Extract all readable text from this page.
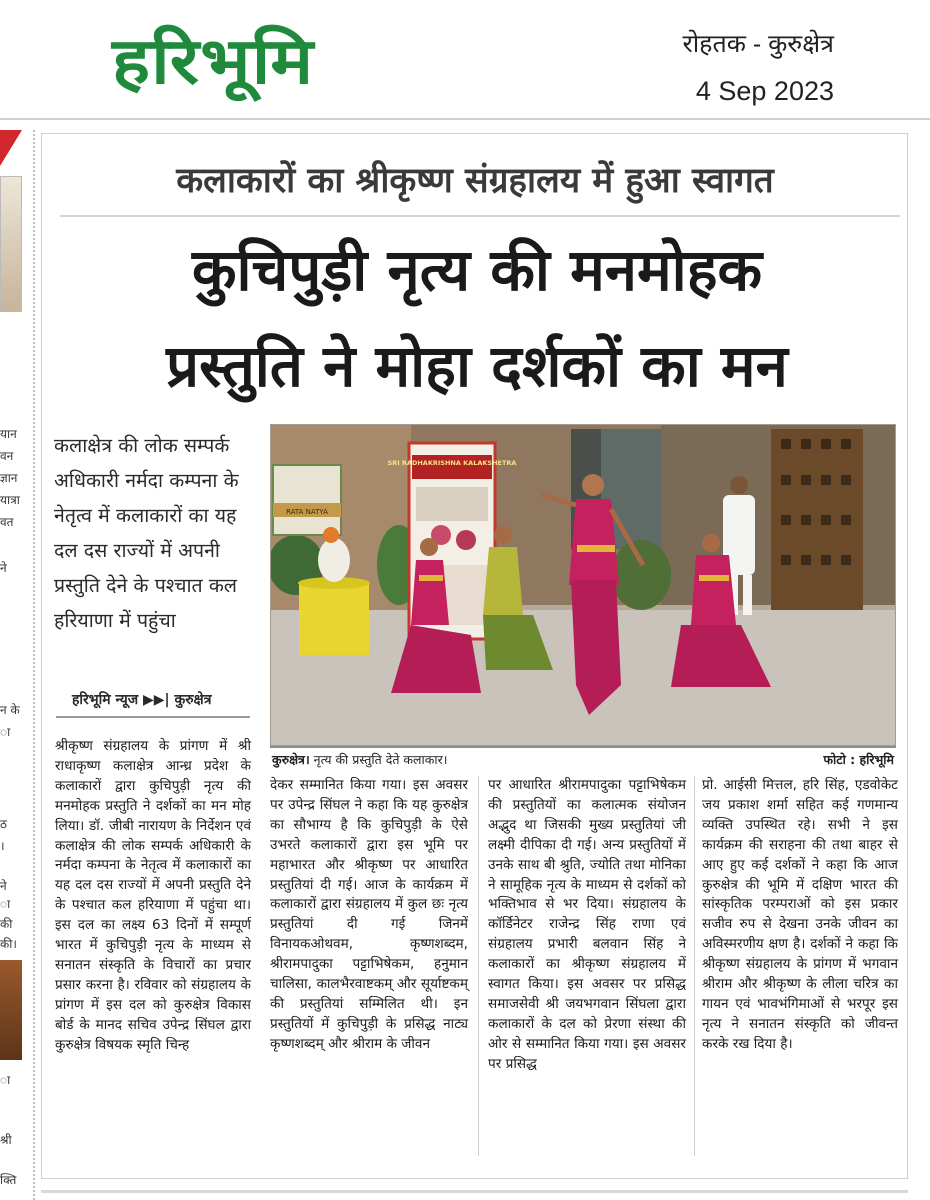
हरिभूमि	रोहतक - कुरुक्षेत्र
4 Sep 2023
यान
वन
ज्ञान
यात्रा
वत
ने
न के
ा
ठ
।
ने
ा
की
की।
ा
श्री
क्ति
कलाकारों का श्रीकृष्ण संग्रहालय में हुआ स्वागत
कुचिपुड़ी नृत्य की मनमोहक
प्रस्तुति ने मोहा दर्शकों का मन
कलाक्षेत्र की लोक सम्पर्क अधिकारी नर्मदा कम्पना के नेतृत्व में कलाकारों का यह दल दस राज्यों में अपनी प्रस्तुति देने के पश्चात कल हरियाणा में पहुंचा
हरिभूमि न्यूज ▶▶| कुरुक्षेत्र
RATA NATYA
SRI RADHAKRISHNA KALAKSHETRA
कुरुक्षेत्र। नृत्य की प्रस्तुति देते कलाकार।	फोटो : हरिभूमि
श्रीकृष्ण संग्रहालय के प्रांगण में श्री राधाकृष्ण कलाक्षेत्र आन्ध्र प्रदेश के कलाकारों द्वारा कुचिपुड़ी नृत्य की मनमोहक प्रस्तुति ने दर्शकों का मन मोह लिया। डॉ. जीबी नारायण के निर्देशन एवं कलाक्षेत्र की लोक सम्पर्क अधिकारी के नर्मदा कम्पना के नेतृत्व में कलाकारों का यह दल दस राज्यों में अपनी प्रस्तुति देने के पश्चात कल हरियाणा में पहुंचा था। इस दल का लक्ष्य 63 दिनों में सम्पूर्ण भारत में कुचिपुड़ी नृत्य के माध्यम से सनातन संस्कृति के विचारों का प्रचार प्रसार करना है। रविवार को संग्रहालय के प्रांगण में इस दल को कुरुक्षेत्र विकास बोर्ड के मानद सचिव उपेन्द्र सिंघल द्वारा कुरुक्षेत्र विषयक स्मृति चिन्ह
देकर सम्मानित किया गया। इस अवसर पर उपेन्द्र सिंघल ने कहा कि यह कुरुक्षेत्र का सौभाग्य है कि कुचिपुड़ी के ऐसे उभरते कलाकारों द्वारा इस भूमि पर महाभारत और श्रीकृष्ण पर आधारित प्रस्तुतियां दी गई। आज के कार्यक्रम में कलाकारों द्वारा संग्रहालय में कुल छः नृत्य प्रस्तुतियां दी गई जिनमें विनायकओथवम, कृष्णशब्दम, श्रीरामपादुका पट्टाभिषेकम, हनुमान चालिसा, कालभैरवाष्टकम् और सूर्याष्टकम् की प्रस्तुतियां सम्मिलित थी। इन प्रस्तुतियों में कुचिपुड़ी के प्रसिद्ध नाट्य कृष्णशब्दम् और श्रीराम के जीवन
पर आधारित श्रीरामपादुका पट्टाभिषेकम की प्रस्तुतियों का कलात्मक संयोजन अद्भुद था जिसकी मुख्य प्रस्तुतियां जी लक्ष्मी दीपिका दी गई। अन्य प्रस्तुतियों में उनके साथ बी श्रुति, ज्योति तथा मोनिका ने सामूहिक नृत्य के माध्यम से दर्शकों को भक्तिभाव से भर दिया। संग्रहालय के कॉर्डिनेटर राजेन्द्र सिंह राणा एवं संग्रहालय प्रभारी बलवान सिंह ने कलाकारों का श्रीकृष्ण संग्रहालय में स्वागत किया। इस अवसर पर प्रसिद्ध समाजसेवी श्री जयभगवान सिंघला द्वारा कलाकारों के दल को प्रेरणा संस्था की ओर से सम्मानित किया गया। इस अवसर पर प्रसिद्ध
प्रो. आईसी मित्तल, हरि सिंह, एडवोकेट जय प्रकाश शर्मा सहित कई गणमान्य व्यक्ति उपस्थित रहे। सभी ने इस कार्यक्रम की सराहना की तथा बाहर से आए हुए कई दर्शकों ने कहा कि आज कुरुक्षेत्र की भूमि में दक्षिण भारत की सांस्कृतिक परम्पराओं को इस प्रकार सजीव रुप से देखना उनके जीवन का अविस्मरणीय क्षण है। दर्शकों ने कहा कि श्रीकृष्ण संग्रहालय के प्रांगण में भगवान श्रीराम और श्रीकृष्ण के लीला चरित्र का गायन एवं भावभंगिमाओं से भरपूर इस नृत्य ने सनातन संस्कृति को जीवन्त करके रख दिया है।
